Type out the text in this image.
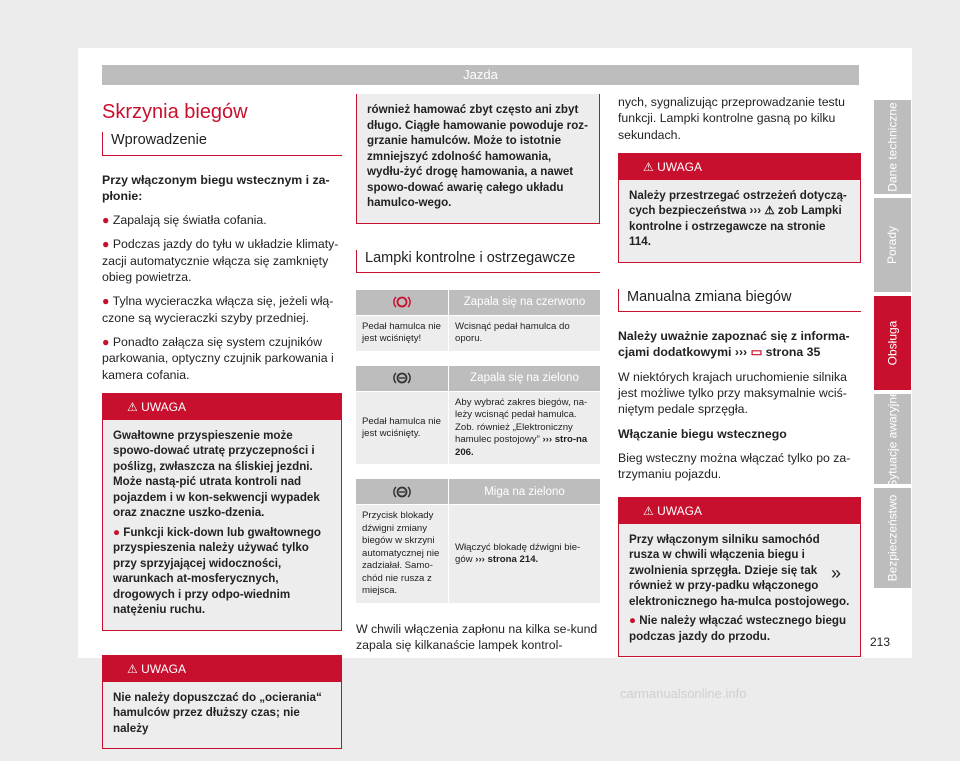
Jazda
Skrzynia biegów
Wprowadzenie

Przy włączonym biegu wstecznym i za-płonie:

● Zapalają się światła cofania.

● Podczas jazdy do tyłu w układzie klimaty-zacji automatycznie włącza się zamknięty obieg powietrza.

● Tylna wycieraczka włącza się, jeżeli włą-czone są wycieraczki szyby przedniej.

● Ponadto załącza się system czujników parkowania, optyczny czujnik parkowania i kamera cofania.

⚠ UWAGA

Gwałtowne przyspieszenie może spowo-dować utratę przyczepności i poślizg, zwłaszcza na śliskiej jezdni. Może nastą-pić utrata kontroli nad pojazdem i w kon-sekwencji wypadek oraz znaczne uszko-dzenia.

● Funkcji kick-down lub gwałtownego przyspieszenia należy używać tylko przy sprzyjającej widoczności, warunkach at-mosferycznych, drogowych i przy odpo-wiednim natężeniu ruchu.

⚠ UWAGA

Nie należy dopuszczać do „ocierania“ hamulców przez dłuższy czas; nie należy

również hamować zbyt często ani zbyt długo. Ciągłe hamowanie powoduje roz-grzanie hamulców. Może to istotnie zmniejszyć zdolność hamowania, wydłu-żyć drogę hamowania, a nawet spowo-dować awarię całego układu hamulco-wego.

Lampki kontrolne i ostrzegawcze
	Zapala się na czerwono
Pedał hamulca nie jest wciśnięty!	Wcisnąć pedał hamulca do oporu.
	Zapala się na zielono
Pedał hamulca nie jest wciśnięty.	Aby wybrać zakres biegów, na-leży wcisnąć pedał hamulca. Zob. również „Elektroniczny hamulec postojowy” ››› stro-na 206.
	Miga na zielono
Przycisk blokady dźwigni zmiany biegów w skrzyni automatycznej nie zadziałał. Samo-chód nie rusza z miejsca.	Włączyć blokadę dźwigni bie-gów ››› strona 214.

W chwili włączenia zapłonu na kilka se-kund zapala się kilkanaście lampek kontrol-

nych, sygnalizując przeprowadzanie testu funkcji. Lampki kontrolne gasną po kilku sekundach.

⚠ UWAGA

Należy przestrzegać ostrzeżeń dotyczą-cych bezpieczeństwa ››› ⚠ zob Lampki kontrolne i ostrzegawcze na stronie 114.

Manualna zmiana biegów

Należy uważnie zapoznać się z informa-cjami dodatkowymi ››› ▭ strona 35

W niektórych krajach uruchomienie silnika jest możliwe tylko przy maksymalnie wciś-niętym pedale sprzęgła.

Włączanie biegu wstecznego

Bieg wsteczny można włączać tylko po za-trzymaniu pojazdu.

⚠ UWAGA

Przy włączonym silniku samochód rusza w chwili włączenia biegu i zwolnienia sprzęgła. Dzieje się tak również w przy-padku włączonego elektronicznego ha-mulca postojowego.

● Nie należy włączać wstecznego biegu podczas jazdy do przodu.

»
Dane techniczne
Porady
Obsługa
Sytuacje awaryjne
Bezpieczeństwo
213
carmanualsonline.info
